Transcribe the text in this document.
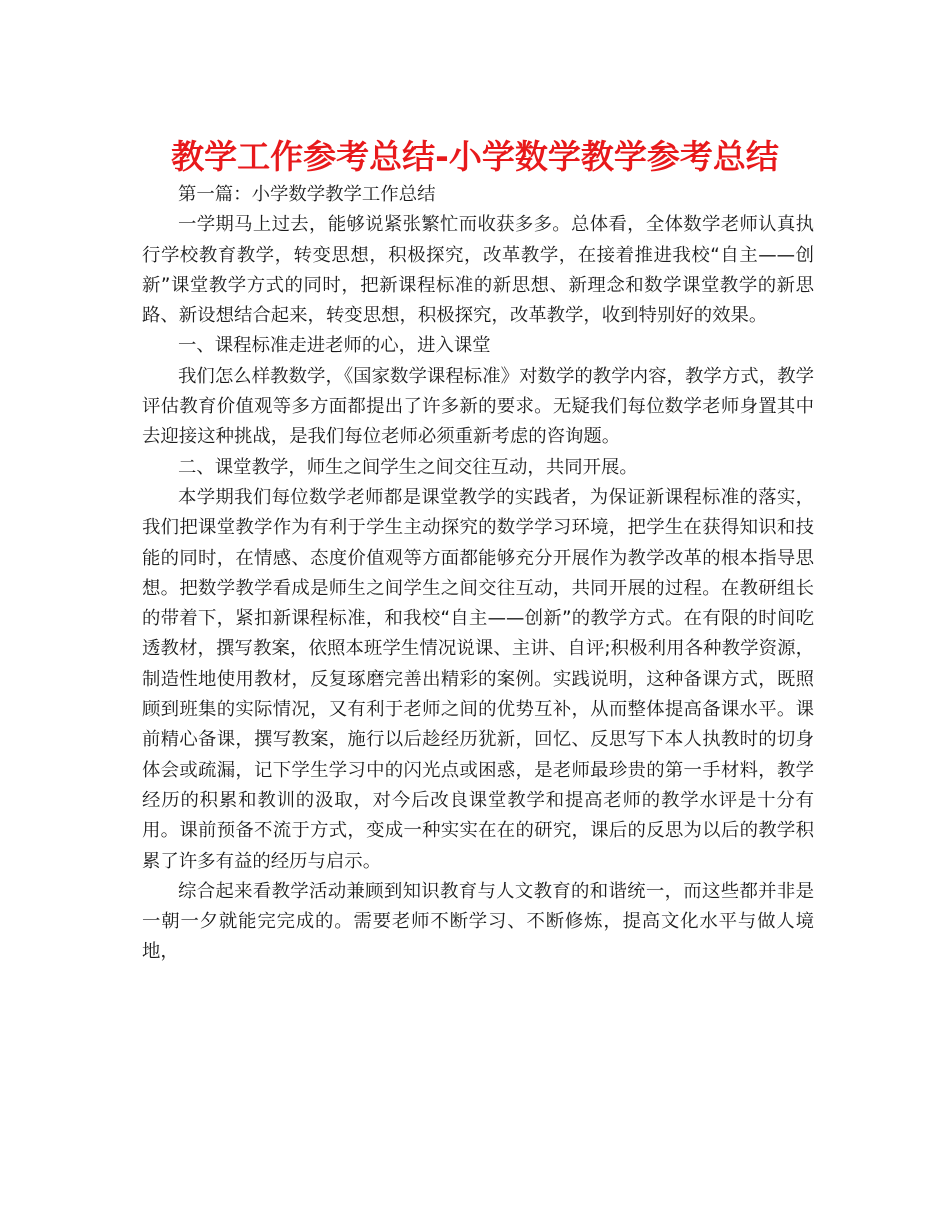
教学工作参考总结-小学数学教学参考总结

第一篇：小学数学教学工作总结

一学期马上过去，能够说紧张繁忙而收获多多。总体看，全体数学老师认真执行学校教育教学，转变思想，积极探究，改革教学，在接着推进我校“自主——创新”课堂教学方式的同时，把新课程标准的新思想、新理念和数学课堂教学的新思路、新设想结合起来，转变思想，积极探究，改革教学，收到特别好的效果。

一、课程标准走进老师的心，进入课堂

我们怎么样教数学，《国家数学课程标准》对数学的教学内容，教学方式，教学评估教育价值观等多方面都提出了许多新的要求。无疑我们每位数学老师身置其中去迎接这种挑战，是我们每位老师必须重新考虑的咨询题。

二、课堂教学，师生之间学生之间交往互动，共同开展。

本学期我们每位数学老师都是课堂教学的实践者，为保证新课程标准的落实，我们把课堂教学作为有利于学生主动探究的数学学习环境，把学生在获得知识和技能的同时，在情感、态度价值观等方面都能够充分开展作为教学改革的根本指导思想。把数学教学看成是师生之间学生之间交往互动，共同开展的过程。在教研组长的带着下，紧扣新课程标准，和我校“自主——创新”的教学方式。在有限的时间吃透教材，撰写教案，依照本班学生情况说课、主讲、自评;积极利用各种教学资源，制造性地使用教材，反复琢磨完善出精彩的案例。实践说明，这种备课方式，既照顾到班集的实际情况，又有利于老师之间的优势互补，从而整体提高备课水平。课前精心备课，撰写教案，施行以后趁经历犹新，回忆、反思写下本人执教时的切身体会或疏漏，记下学生学习中的闪光点或困惑，是老师最珍贵的第一手材料，教学经历的积累和教训的汲取，对今后改良课堂教学和提高老师的教学水评是十分有用。课前预备不流于方式，变成一种实实在在的研究，课后的反思为以后的教学积累了许多有益的经历与启示。

综合起来看教学活动兼顾到知识教育与人文教育的和谐统一，而这些都并非是一朝一夕就能完完成的。需要老师不断学习、不断修炼，提高文化水平与做人境地，
